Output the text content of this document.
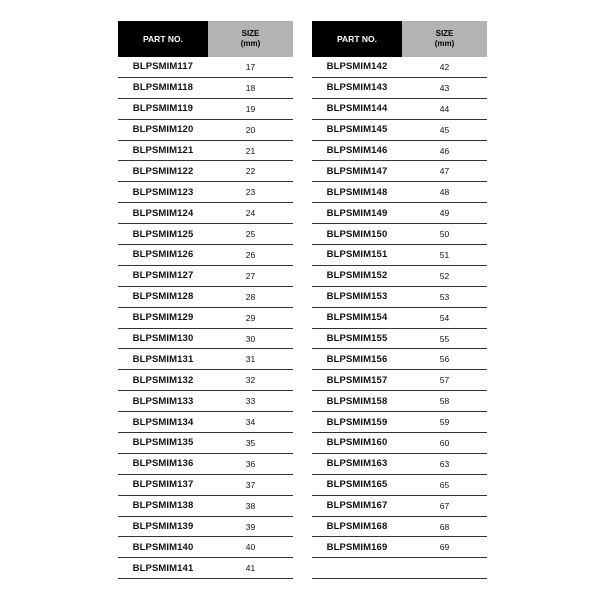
PART NO.
SIZE
(mm)
BLPSMIM117	17
BLPSMIM118	18
BLPSMIM119	19
BLPSMIM120	20
BLPSMIM121	21
BLPSMIM122	22
BLPSMIM123	23
BLPSMIM124	24
BLPSMIM125	25
BLPSMIM126	26
BLPSMIM127	27
BLPSMIM128	28
BLPSMIM129	29
BLPSMIM130	30
BLPSMIM131	31
BLPSMIM132	32
BLPSMIM133	33
BLPSMIM134	34
BLPSMIM135	35
BLPSMIM136	36
BLPSMIM137	37
BLPSMIM138	38
BLPSMIM139	39
BLPSMIM140	40
BLPSMIM141	41
PART NO.
SIZE
(mm)
BLPSMIM142	42
BLPSMIM143	43
BLPSMIM144	44
BLPSMIM145	45
BLPSMIM146	46
BLPSMIM147	47
BLPSMIM148	48
BLPSMIM149	49
BLPSMIM150	50
BLPSMIM151	51
BLPSMIM152	52
BLPSMIM153	53
BLPSMIM154	54
BLPSMIM155	55
BLPSMIM156	56
BLPSMIM157	57
BLPSMIM158	58
BLPSMIM159	59
BLPSMIM160	60
BLPSMIM163	63
BLPSMIM165	65
BLPSMIM167	67
BLPSMIM168	68
BLPSMIM169	69
